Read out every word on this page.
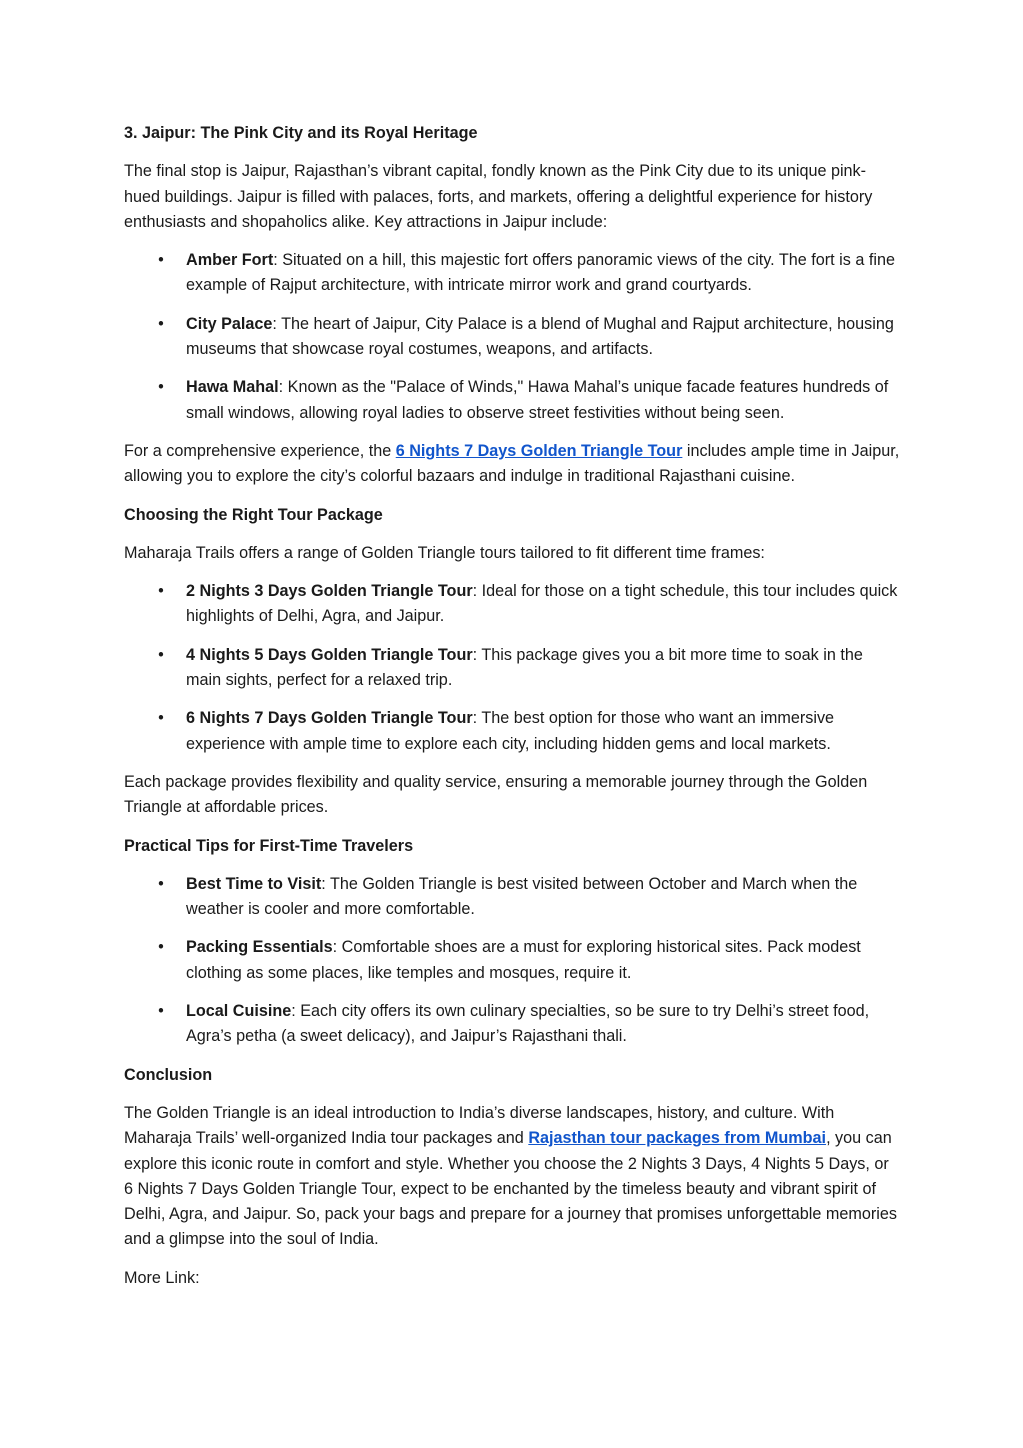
3. Jaipur: The Pink City and its Royal Heritage

The final stop is Jaipur, Rajasthan’s vibrant capital, fondly known as the Pink City due to its unique pink-hued buildings. Jaipur is filled with palaces, forts, and markets, offering a delightful experience for history enthusiasts and shopaholics alike. Key attractions in Jaipur include:

• Amber Fort: Situated on a hill, this majestic fort offers panoramic views of the city. The fort is a fine example of Rajput architecture, with intricate mirror work and grand courtyards.
• City Palace: The heart of Jaipur, City Palace is a blend of Mughal and Rajput architecture, housing museums that showcase royal costumes, weapons, and artifacts.
• Hawa Mahal: Known as the "Palace of Winds," Hawa Mahal’s unique facade features hundreds of small windows, allowing royal ladies to observe street festivities without being seen.

For a comprehensive experience, the 6 Nights 7 Days Golden Triangle Tour includes ample time in Jaipur, allowing you to explore the city’s colorful bazaars and indulge in traditional Rajasthani cuisine.

Choosing the Right Tour Package

Maharaja Trails offers a range of Golden Triangle tours tailored to fit different time frames:

• 2 Nights 3 Days Golden Triangle Tour: Ideal for those on a tight schedule, this tour includes quick highlights of Delhi, Agra, and Jaipur.
• 4 Nights 5 Days Golden Triangle Tour: This package gives you a bit more time to soak in the main sights, perfect for a relaxed trip.
• 6 Nights 7 Days Golden Triangle Tour: The best option for those who want an immersive experience with ample time to explore each city, including hidden gems and local markets.

Each package provides flexibility and quality service, ensuring a memorable journey through the Golden Triangle at affordable prices.

Practical Tips for First-Time Travelers

• Best Time to Visit: The Golden Triangle is best visited between October and March when the weather is cooler and more comfortable.
• Packing Essentials: Comfortable shoes are a must for exploring historical sites. Pack modest clothing as some places, like temples and mosques, require it.
• Local Cuisine: Each city offers its own culinary specialties, so be sure to try Delhi’s street food, Agra’s petha (a sweet delicacy), and Jaipur’s Rajasthani thali.

Conclusion

The Golden Triangle is an ideal introduction to India’s diverse landscapes, history, and culture. With Maharaja Trails’ well-organized India tour packages and Rajasthan tour packages from Mumbai, you can explore this iconic route in comfort and style. Whether you choose the 2 Nights 3 Days, 4 Nights 5 Days, or 6 Nights 7 Days Golden Triangle Tour, expect to be enchanted by the timeless beauty and vibrant spirit of Delhi, Agra, and Jaipur. So, pack your bags and prepare for a journey that promises unforgettable memories and a glimpse into the soul of India.

More Link:
